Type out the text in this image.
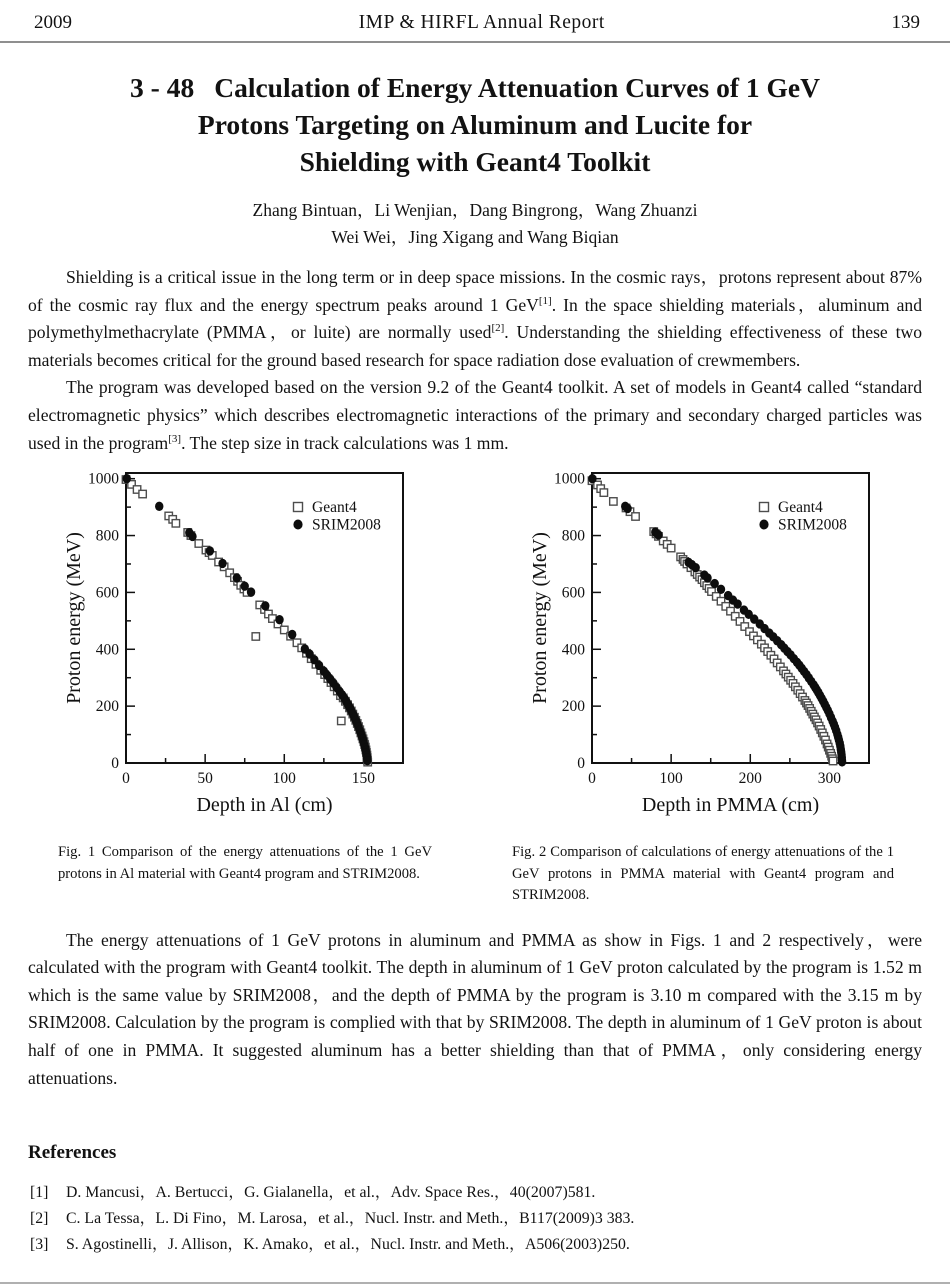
2009	IMP & HIRFL Annual Report	139
3 - 48 Calculation of Energy Attenuation Curves of 1 GeV
Protons Targeting on Aluminum and Lucite for
Shielding with Geant4 Toolkit
Zhang Bintuan，Li Wenjian，Dang Bingrong，Wang Zhuanzi
Wei Wei，Jing Xigang and Wang Biqian

Shielding is a critical issue in the long term or in deep space missions. In the cosmic rays，protons represent about 87% of the cosmic ray flux and the energy spectrum peaks around 1 GeV[1]. In the space shielding materials，aluminum and polymethylmethacrylate (PMMA，or luite) are normally used[2]. Understanding the shielding effectiveness of these two materials becomes critical for the ground based research for space radiation dose evaluation of crewmembers.

The program was developed based on the version 9.2 of the Geant4 toolkit. A set of models in Geant4 called “standard electromagnetic physics” which describes electromagnetic interactions of the primary and secondary charged particles was used in the program[3]. The step size in track calculations was 1 mm.

0	50	100	150
0
200
400
600
800
1000
Depth in Al (cm)
Proton energy (MeV)
Geant4
SRIM2008
0	100	200	300
0
200
400
600
800
1000
Depth in PMMA (cm)
Proton energy (MeV)
Geant4
SRIM2008
Fig. 1 Comparison of the energy attenuations of the 1 GeV protons in Al material with Geant4 program and STRIM2008.
Fig. 2 Comparison of calculations of energy attenuations of the 1 GeV protons in PMMA material with Geant4 program and STRIM2008.

The energy attenuations of 1 GeV protons in aluminum and PMMA as show in Figs. 1 and 2 respectively，were calculated with the program with Geant4 toolkit. The depth in aluminum of 1 GeV proton calculated by the program is 1.52 m which is the same value by SRIM2008，and the depth of PMMA by the program is 3.10 m compared with the 3.15 m by SRIM2008. Calculation by the program is complied with that by SRIM2008. The depth in aluminum of 1 GeV proton is about half of one in PMMA. It suggested aluminum has a better shielding than that of PMMA，only considering energy attenuations.

References
[1]	D. Mancusi，A. Bertucci，G. Gialanella，et al.，Adv. Space Res.，40(2007)581.
[2]	C. La Tessa，L. Di Fino，M. Larosa，et al.，Nucl. Instr. and Meth.，B117(2009)3 383.
[3]	S. Agostinelli，J. Allison，K. Amako，et al.，Nucl. Instr. and Meth.，A506(2003)250.
